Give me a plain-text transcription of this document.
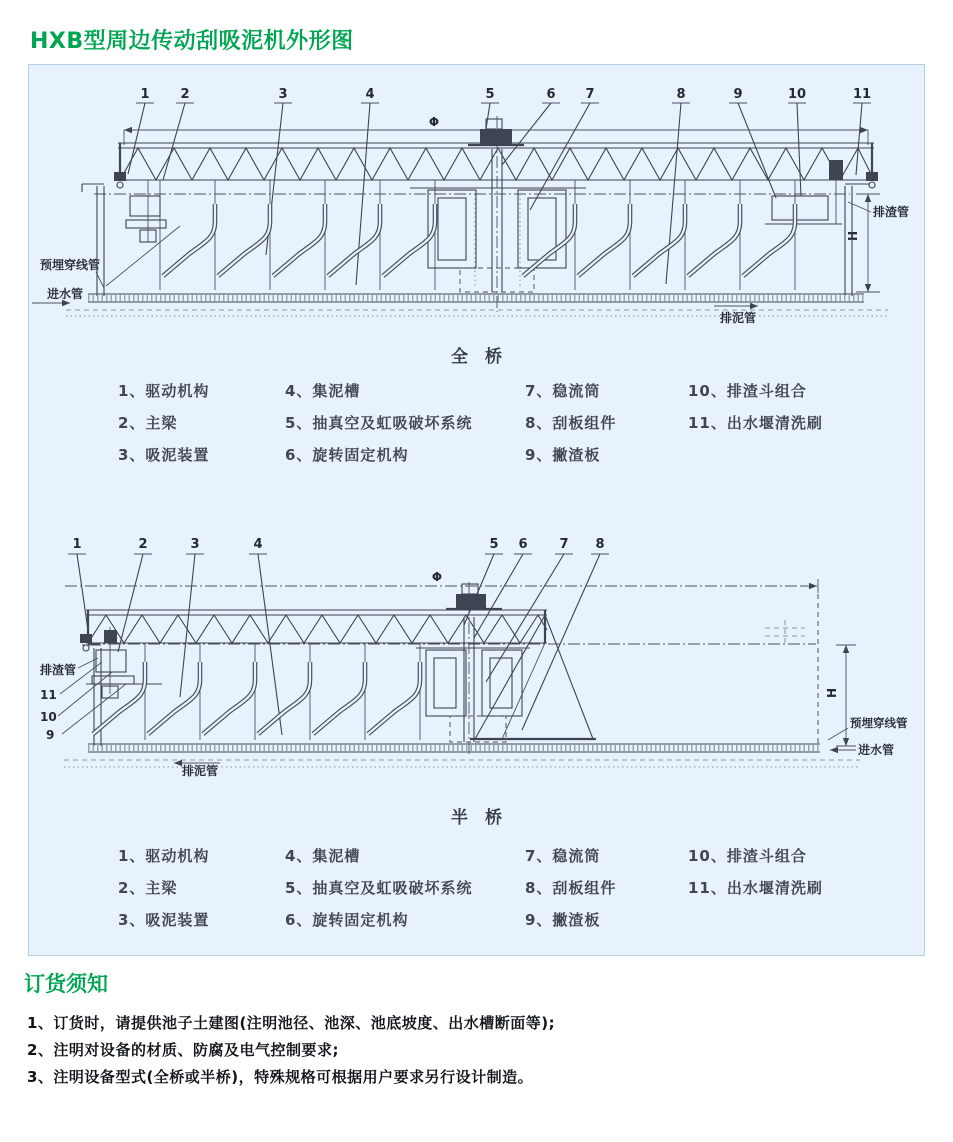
HXB型周边传动刮吸泥机外形图
1 2	3	4	5	6 7	8	9	10	11
Φ
H
排渣管
预埋穿线管
进水管
排泥管
全　桥
1、驱动机构
2、主梁
3、吸泥装置
4、集泥槽
5、抽真空及虹吸破坏系统
6、旋转固定机构
7、稳流筒
8、刮板组件
9、撇渣板
10、排渣斗组合
11、出水堰清洗刷
1	2	3	4	5 6 7 8
11
10
9
Φ
H
排渣管
排泥管
预埋穿线管
进水管
半　桥
1、驱动机构
2、主梁
3、吸泥装置
4、集泥槽
5、抽真空及虹吸破坏系统
6、旋转固定机构
7、稳流筒
8、刮板组件
9、撇渣板
10、排渣斗组合
11、出水堰清洗刷
订货须知
1、订货时，请提供池子土建图(注明池径、池深、池底坡度、出水槽断面等);
2、注明对设备的材质、防腐及电气控制要求;
3、注明设备型式(全桥或半桥)，特殊规格可根据用户要求另行设计制造。
